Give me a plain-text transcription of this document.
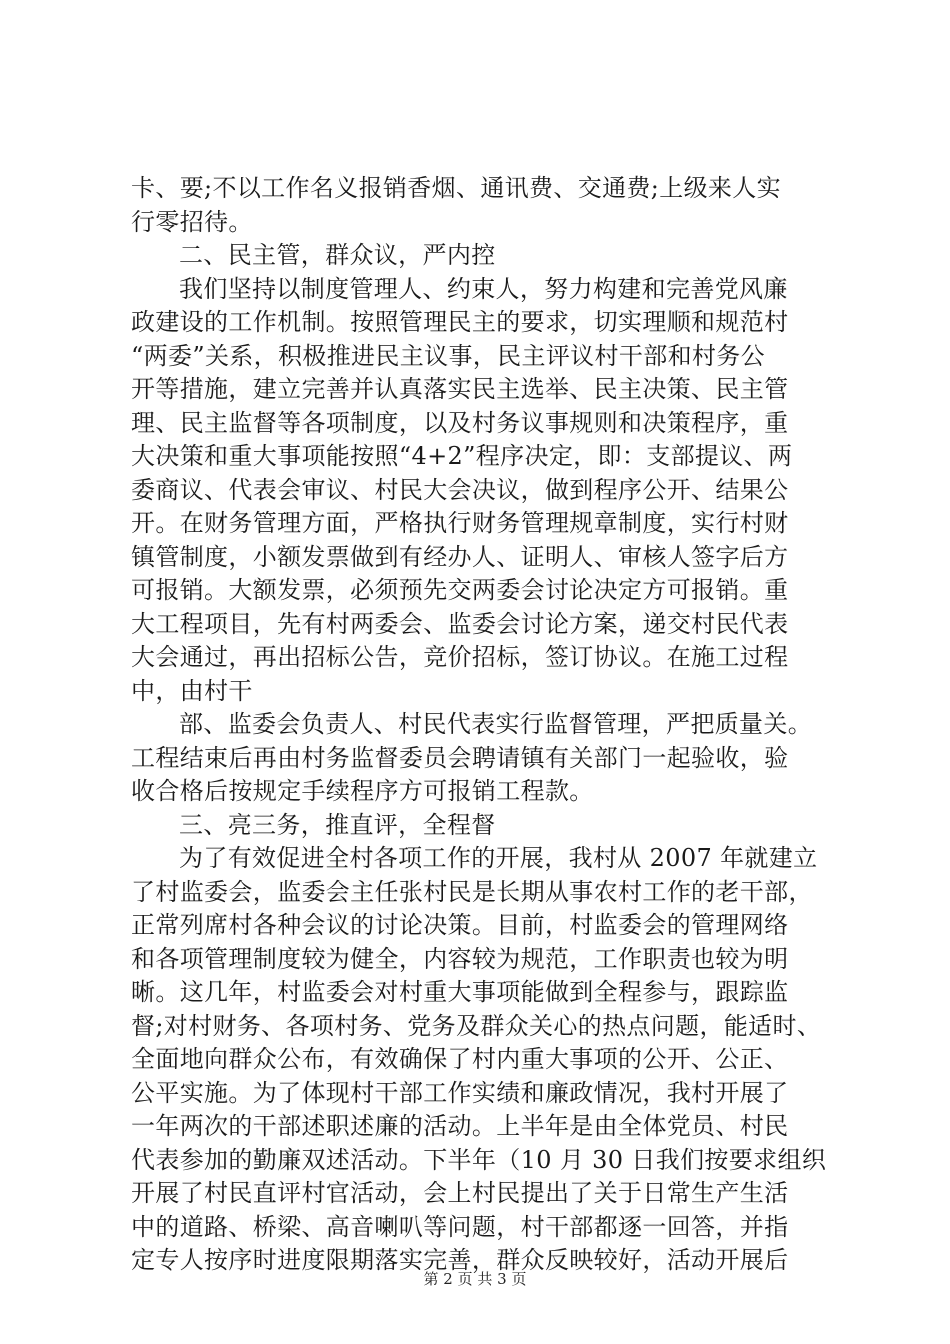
卡、要;不以工作名义报销香烟、通讯费、交通费;上级来人实
行零招待。
二、民主管，群众议，严内控
我们坚持以制度管理人、约束人，努力构建和完善党风廉
政建设的工作机制。按照管理民主的要求，切实理顺和规范村
“两委”关系，积极推进民主议事，民主评议村干部和村务公
开等措施，建立完善并认真落实民主选举、民主决策、民主管
理、民主监督等各项制度，以及村务议事规则和决策程序，重
大决策和重大事项能按照“4+2”程序决定，即：支部提议、两
委商议、代表会审议、村民大会决议，做到程序公开、结果公
开。在财务管理方面，严格执行财务管理规章制度，实行村财
镇管制度，小额发票做到有经办人、证明人、审核人签字后方
可报销。大额发票，必须预先交两委会讨论决定方可报销。重
大工程项目，先有村两委会、监委会讨论方案，递交村民代表
大会通过，再出招标公告，竞价招标，签订协议。在施工过程
中，由村干
部、监委会负责人、村民代表实行监督管理，严把质量关。
工程结束后再由村务监督委员会聘请镇有关部门一起验收，验
收合格后按规定手续程序方可报销工程款。
三、亮三务，推直评，全程督
为了有效促进全村各项工作的开展，我村从 2007 年就建立
了村监委会，监委会主任张村民是长期从事农村工作的老干部，
正常列席村各种会议的讨论决策。目前，村监委会的管理网络
和各项管理制度较为健全，内容较为规范，工作职责也较为明
晰。这几年，村监委会对村重大事项能做到全程参与，跟踪监
督;对村财务、各项村务、党务及群众关心的热点问题，能适时、
全面地向群众公布，有效确保了村内重大事项的公开、公正、
公平实施。为了体现村干部工作实绩和廉政情况，我村开展了
一年两次的干部述职述廉的活动。上半年是由全体党员、村民
代表参加的勤廉双述活动。下半年（10 月 30 日我们按要求组织
开展了村民直评村官活动，会上村民提出了关于日常生产生活
中的道路、桥梁、高音喇叭等问题，村干部都逐一回答，并指
定专人按序时进度限期落实完善，群众反映较好，活动开展后
第 2 页 共 3 页
